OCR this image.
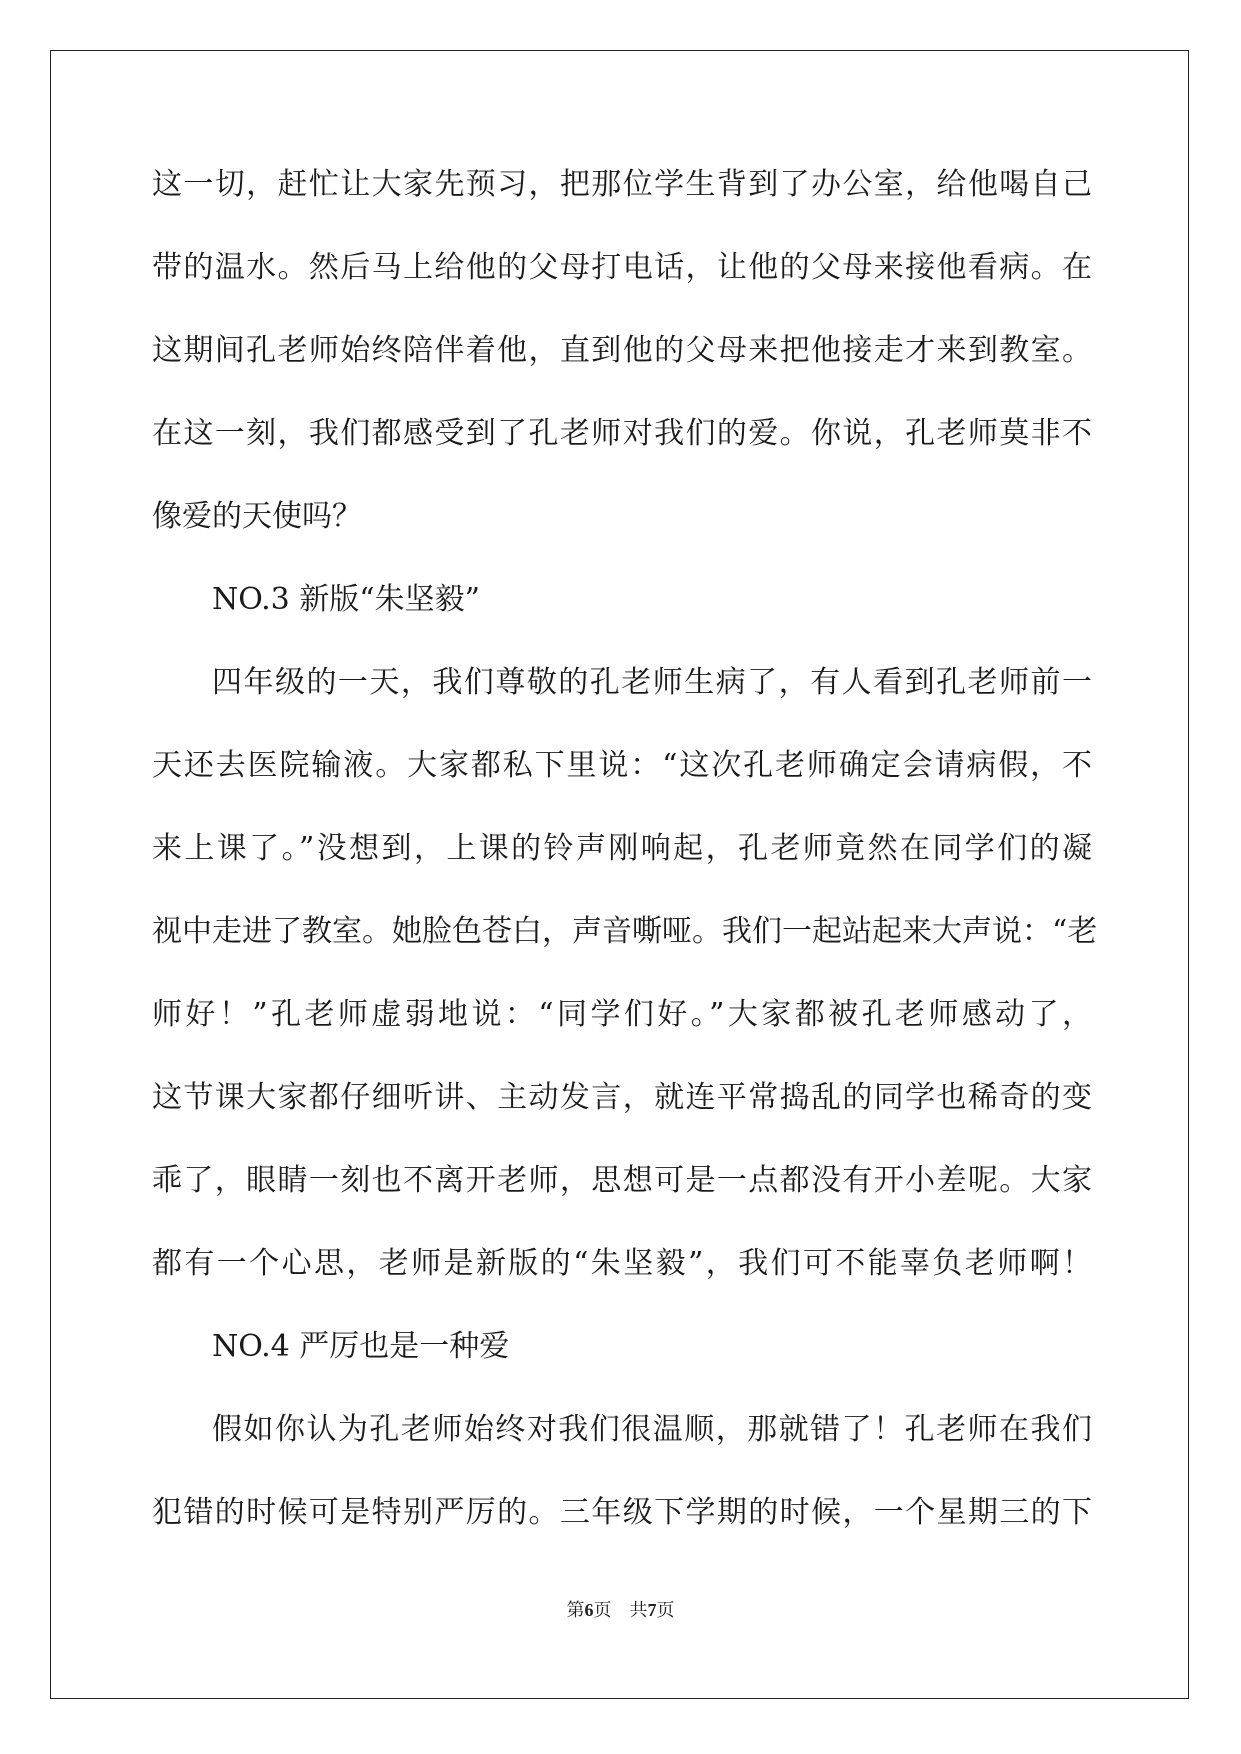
这一切，赶忙让大家先预习，把那位学生背到了办公室，给他喝自己
带的温水。然后马上给他的父母打电话，让他的父母来接他看病。在
这期间孔老师始终陪伴着他，直到他的父母来把他接走才来到教室。
在这一刻，我们都感受到了孔老师对我们的爱。你说，孔老师莫非不
像爱的天使吗？
NO.3 新版“朱坚毅”
四年级的一天，我们尊敬的孔老师生病了，有人看到孔老师前一
天还去医院输液。大家都私下里说：“这次孔老师确定会请病假，不
来上课了。”没想到，上课的铃声刚响起，孔老师竟然在同学们的凝
视中走进了教室。她脸色苍白，声音嘶哑。我们一起站起来大声说：“老
师好！”孔老师虚弱地说：“同学们好。”大家都被孔老师感动了，
这节课大家都仔细听讲、主动发言，就连平常捣乱的同学也稀奇的变
乖了，眼睛一刻也不离开老师，思想可是一点都没有开小差呢。大家
都有一个心思，老师是新版的“朱坚毅”，我们可不能辜负老师啊！
NO.4 严厉也是一种爱
假如你认为孔老师始终对我们很温顺，那就错了！孔老师在我们
犯错的时候可是特别严厉的。三年级下学期的时候，一个星期三的下
第6页 共7页
